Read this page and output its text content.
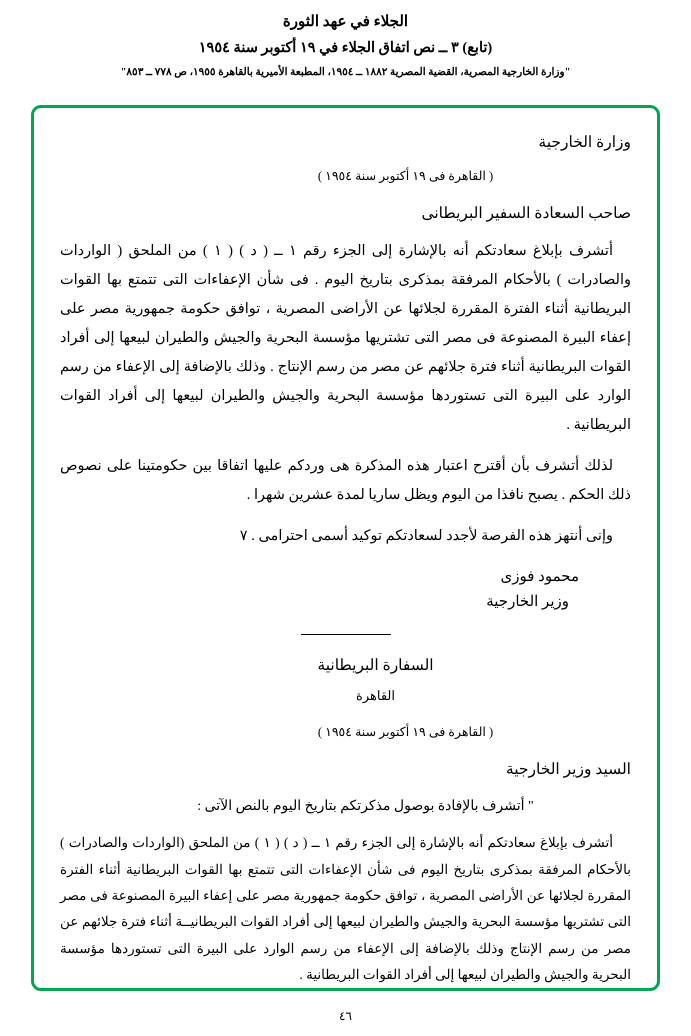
الجلاء في عهد الثورة
(تابع) ٣ ــ نص اتفاق الجلاء في ١٩ أكتوبر سنة ١٩٥٤
"وزارة الخارجية المصرية، القضية المصرية ١٨٨٢ ــ ١٩٥٤، المطبعة الأميرية بالقاهرة ١٩٥٥، ص ٧٧٨ ــ ٨٥٣"
وزارة الخارجية
( القاهرة فى ١٩ أكتوبر سنة ١٩٥٤ )
صاحب السعادة السفير البريطانى

أتشرف بإبلاغ سعادتكم أنه بالإشارة إلى الجزء رقم ١ ــ ( د ) ( ١ ) من الملحق ( الواردات والصادرات ) بالأحكام المرفقة بمذكرى بتاريخ اليوم . فى شأن الإعفاءات التى تتمتع بها القوات البريطانية أثناء الفترة المقررة لجلائها عن الأراضى المصرية ، توافق حكومة جمهورية مصر على إعفاء البيرة المصنوعة فى مصر التى تشتريها مؤسسة البحرية والجيش والطيران لبيعها إلى أفراد القوات البريطانية أثناء فترة جلائهم عن مصر من رسم الإنتاج . وذلك بالإضافة إلى الإعفاء من رسم الوارد على البيرة التى تستوردها مؤسسة البحرية والجيش والطيران لبيعها إلى أفراد القوات البريطانية .

لذلك أتشرف بأن أقترح اعتبار هذه المذكرة هى وردكم عليها اتفاقا بين حكومتينا على نصوص ذلك الحكم . يصبح نافذا من اليوم ويظل ساريا لمدة عشرين شهرا .

وإنى أنتهز هذه الفرصة لأجدد لسعادتكم توكيد أسمى احترامى . ٧

محمود فوزى
وزير الخارجية
السفارة البريطانية
القاهرة
( القاهرة فى ١٩ أكتوبر سنة ١٩٥٤ )
السيد وزير الخارجية
" أتشرف بالإفادة بوصول مذكرتكم بتاريخ اليوم بالنص الآتى :

أتشرف بإبلاغ سعادتكم أنه بالإشارة إلى الجزء رقم ١ ــ ( د ) ( ١ ) من الملحق (الواردات والصادرات ) بالأحكام المرفقة بمذكرى بتاريخ اليوم فى شأن الإعفاءات التى تتمتع بها القوات البريطانية أثناء الفترة المقررة لجلائها عن الأراضى المصرية ، توافق حكومة جمهورية مصر على إعفاء البيرة المصنوعة فى مصر التى تشتريها مؤسسة البحرية والجيش والطيران لبيعها إلى أفراد القوات البريطانيــة أثناء فترة جلائهم عن مصر من رسم الإنتاج وذلك بالإضافة إلى الإعفاء من رسم الوارد على البيرة التى تستوردها مؤسسة البحرية والجيش والطيران لبيعها إلى أفراد القوات البريطانية .

٤٦
